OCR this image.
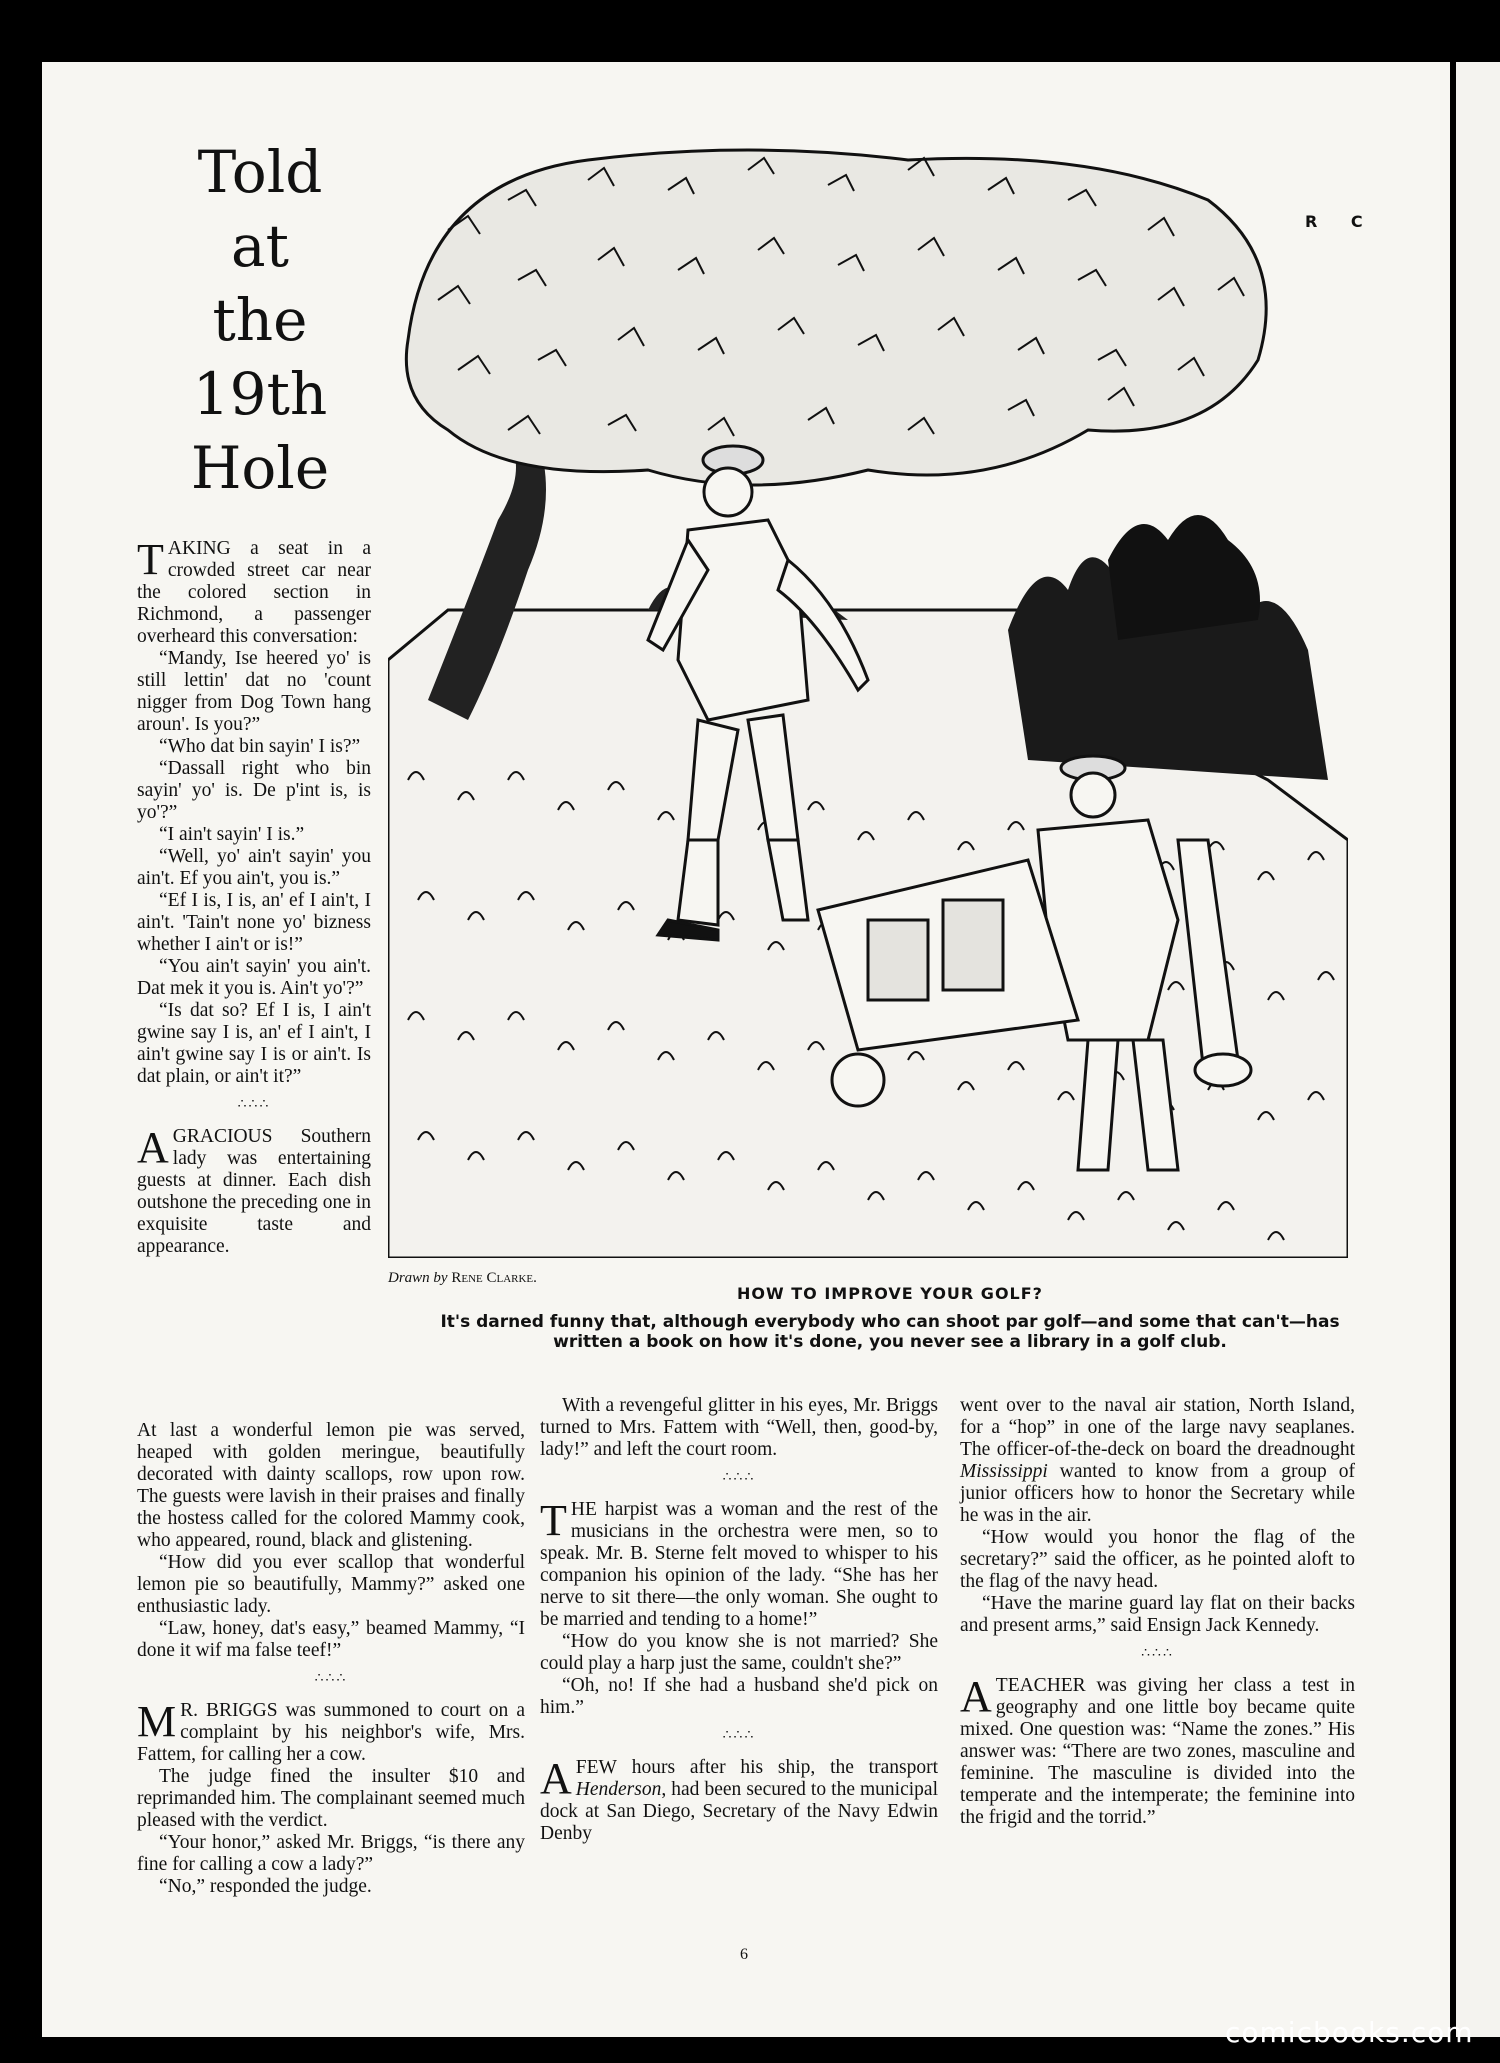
Told
at
the
19th
Hole
R C
Drawn by Rene Clarke.
HOW TO IMPROVE YOUR GOLF?
It's darned funny that, although everybody who can shoot par golf—and some that can't—has written a book on how it's done, you never see a library in a golf club.

TAKING a seat in a crowded street car near the colored section in Richmond, a passenger overheard this conversation:

“Mandy, Ise heered yo' is still lettin' dat no 'count nigger from Dog Town hang aroun'. Is you?”

“Who dat bin sayin' I is?”

“Dassall right who bin sayin' yo' is. De p'int is, is yo'?”

“I ain't sayin' I is.”

“Well, yo' ain't sayin' you ain't. Ef you ain't, you is.”

“Ef I is, I is, an' ef I ain't, I ain't. 'Tain't none yo' bizness whether I ain't or is!”

“You ain't sayin' you ain't. Dat mek it you is. Ain't yo'?”

“Is dat so? Ef I is, I ain't gwine say I is, an' ef I ain't, I ain't gwine say I is or ain't. Is dat plain, or ain't it?”

∴∴∴

AGRACIOUS Southern lady was entertaining guests at dinner. Each dish outshone the preceding one in exquisite taste and appearance.

At last a wonderful lemon pie was served, heaped with golden meringue, beautifully decorated with dainty scallops, row upon row. The guests were lavish in their praises and finally the hostess called for the colored Mammy cook, who appeared, round, black and glistening.

“How did you ever scallop that wonderful lemon pie so beautifully, Mammy?” asked one enthusiastic lady.

“Law, honey, dat's easy,” beamed Mammy, “I done it wif ma false teef!”

∴∴∴

M R. BRIGGS was summoned to court on a complaint by his neighbor's wife, Mrs. Fattem, for calling her a cow.

The judge fined the insulter $10 and reprimanded him. The complainant seemed much pleased with the verdict.

“Your honor,” asked Mr. Briggs, “is there any fine for calling a cow a lady?”

“No,” responded the judge.

With a revengeful glitter in his eyes, Mr. Briggs turned to Mrs. Fattem with “Well, then, good-by, lady!” and left the court room.

∴∴∴

THE harpist was a woman and the rest of the musicians in the orchestra were men, so to speak. Mr. B. Sterne felt moved to whisper to his companion his opinion of the lady. “She has her nerve to sit there—the only woman. She ought to be married and tending to a home!”

“How do you know she is not married? She could play a harp just the same, couldn't she?”

“Oh, no! If she had a husband she'd pick on him.”

∴∴∴

AFEW hours after his ship, the transport Henderson, had been secured to the municipal dock at San Diego, Secretary of the Navy Edwin Denby

went over to the naval air station, North Island, for a “hop” in one of the large navy seaplanes. The officer-of-the-deck on board the dreadnought Mississippi wanted to know from a group of junior officers how to honor the Secretary while he was in the air.

“How would you honor the flag of the secretary?” said the officer, as he pointed aloft to the flag of the navy head.

“Have the marine guard lay flat on their backs and present arms,” said Ensign Jack Kennedy.

∴∴∴

ATEACHER was giving her class a test in geography and one little boy became quite mixed. One question was: “Name the zones.” His answer was: “There are two zones, masculine and feminine. The masculine is divided into the temperate and the intemperate; the feminine into the frigid and the torrid.”

6
comicbooks.com
